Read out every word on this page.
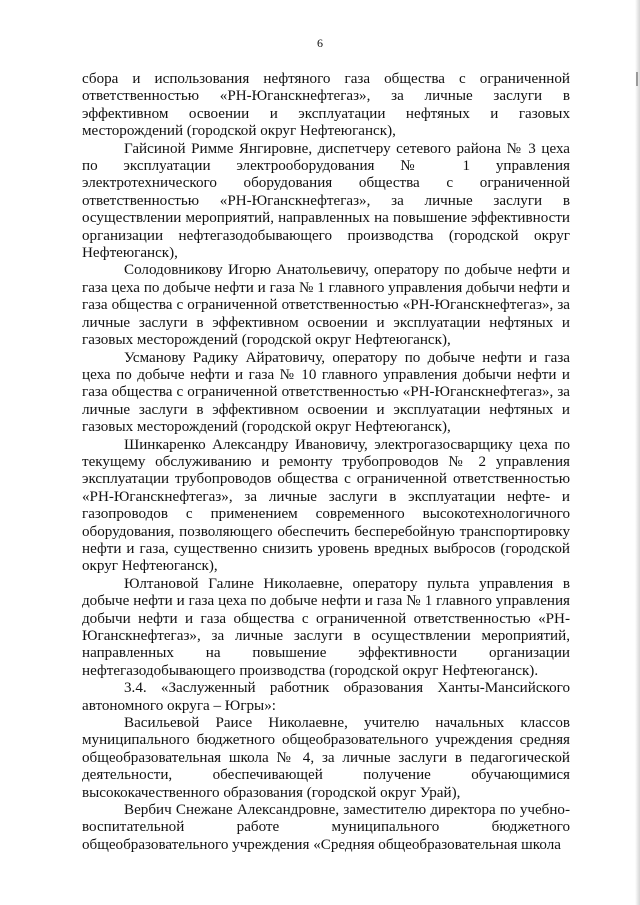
6

сбора и использования нефтяного газа общества с ограниченной ответственностью «РН-Юганскнефтегаз», за личные заслуги в эффективном освоении и эксплуатации нефтяных и газовых месторождений (городской округ Нефтеюганск),

Гайсиной Римме Янгировне, диспетчеру сетевого района № 3 цеха по эксплуатации электрооборудования № 1 управления электротехнического оборудования общества с ограниченной ответственностью «РН-Юганскнефтегаз», за личные заслуги в осуществлении мероприятий, направленных на повышение эффективности организации нефтегазодобывающего производства (городской округ Нефтеюганск),

Солодовникову Игорю Анатольевичу, оператору по добыче нефти и газа цеха по добыче нефти и газа № 1 главного управления добычи нефти и газа общества с ограниченной ответственностью «РН-Юганскнефтегаз», за личные заслуги в эффективном освоении и эксплуатации нефтяных и газовых месторождений (городской округ Нефтеюганск),

Усманову Радику Айратовичу, оператору по добыче нефти и газа цеха по добыче нефти и газа № 10 главного управления добычи нефти и газа общества с ограниченной ответственностью «РН-Юганскнефтегаз», за личные заслуги в эффективном освоении и эксплуатации нефтяных и газовых месторождений (городской округ Нефтеюганск),

Шинкаренко Александру Ивановичу, электрогазосварщику цеха по текущему обслуживанию и ремонту трубопроводов № 2 управления эксплуатации трубопроводов общества с ограниченной ответственностью «РН-Юганскнефтегаз», за личные заслуги в эксплуатации нефте- и газопроводов с применением современного высокотехнологичного оборудования, позволяющего обеспечить бесперебойную транспортировку нефти и газа, существенно снизить уровень вредных выбросов (городской округ Нефтеюганск),

Юлтановой Галине Николаевне, оператору пульта управления в добыче нефти и газа цеха по добыче нефти и газа № 1 главного управления добычи нефти и газа общества с ограниченной ответственностью «РН-Юганскнефтегаз», за личные заслуги в осуществлении мероприятий, направленных на повышение эффективности организации нефтегазодобывающего производства (городской округ Нефтеюганск).

3.4. «Заслуженный работник образования Ханты-Мансийского автономного округа – Югры»:

Васильевой Раисе Николаевне, учителю начальных классов муниципального бюджетного общеобразовательного учреждения средняя общеобразовательная школа № 4, за личные заслуги в педагогической деятельности, обеспечивающей получение обучающимися высококачественного образования (городской округ Урай),

Вербич Снежане Александровне, заместителю директора по учебно-воспитательной работе муниципального бюджетного общеобразовательного учреждения «Средняя общеобразовательная школа
